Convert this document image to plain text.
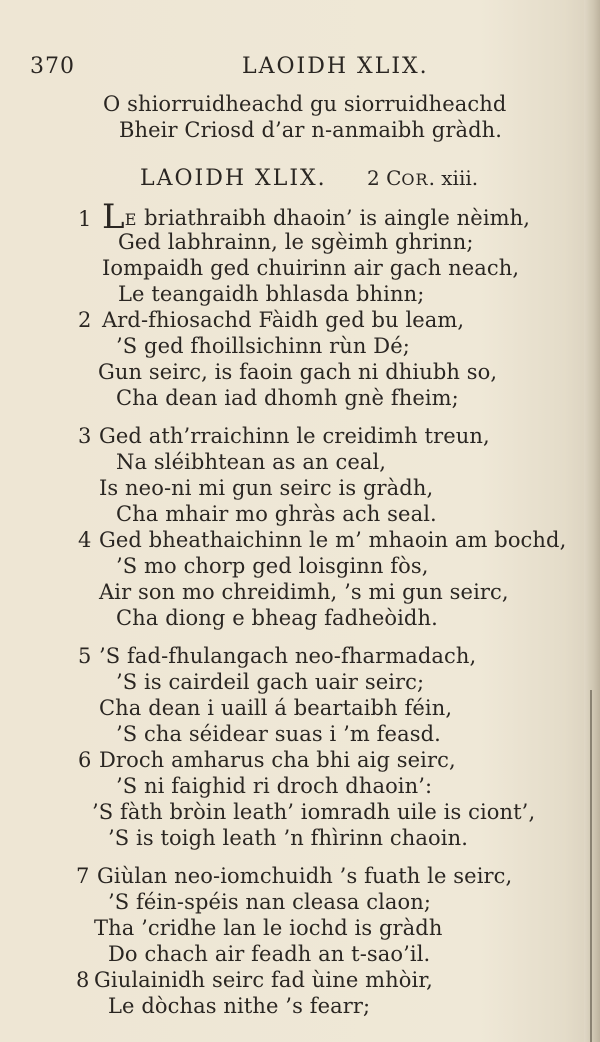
370	LAOIDH XLIX.
O shiorruidheachd gu siorruidheachd
Bheir Criosd d’ar n-anmaibh gràdh.
LAOIDH XLIX. 2 COR. xiii.
1 LE briathraibh dhaoin’ is aingle nèimh,
Ged labhrainn, le sgèimh ghrinn;
Iompaidh ged chuirinn air gach neach,
Le teangaidh bhlasda bhinn;
2 Ard-fhiosachd Fàidh ged bu leam,
’S ged fhoillsichinn rùn Dé;
Gun seirc, is faoin gach ni dhiubh so,
Cha dean iad dhomh gnè fheim;
3 Ged ath’rraichinn le creidimh treun,
Na sléibhtean as an ceal,
Is neo-ni mi gun seirc is gràdh,
Cha mhair mo ghràs ach seal.
4 Ged bheathaichinn le m’ mhaoin am bochd,
’S mo chorp ged loisginn fòs,
Air son mo chreidimh, ’s mi gun seirc,
Cha diong e bheag fadheòidh.
5 ’S fad-fhulangach neo-fharmadach,
’S is cairdeil gach uair seirc;
Cha dean i uaill á beartaibh féin,
’S cha séidear suas i ’m feasd.
6 Droch amharus cha bhi aig seirc,
’S ni faighid ri droch dhaoin’:
’S fàth bròin leath’ iomradh uile is ciont’,
’S is toigh leath ’n fhìrinn chaoin.
7 Giùlan neo-iomchuidh ’s fuath le seirc,
’S féin-spéis nan cleasa claon;
Tha ’cridhe lan le iochd is gràdh
Do chach air feadh an t-sao’il.
8 Giulainidh seirc fad ùine mhòir,
Le dòchas nithe ’s fearr;
